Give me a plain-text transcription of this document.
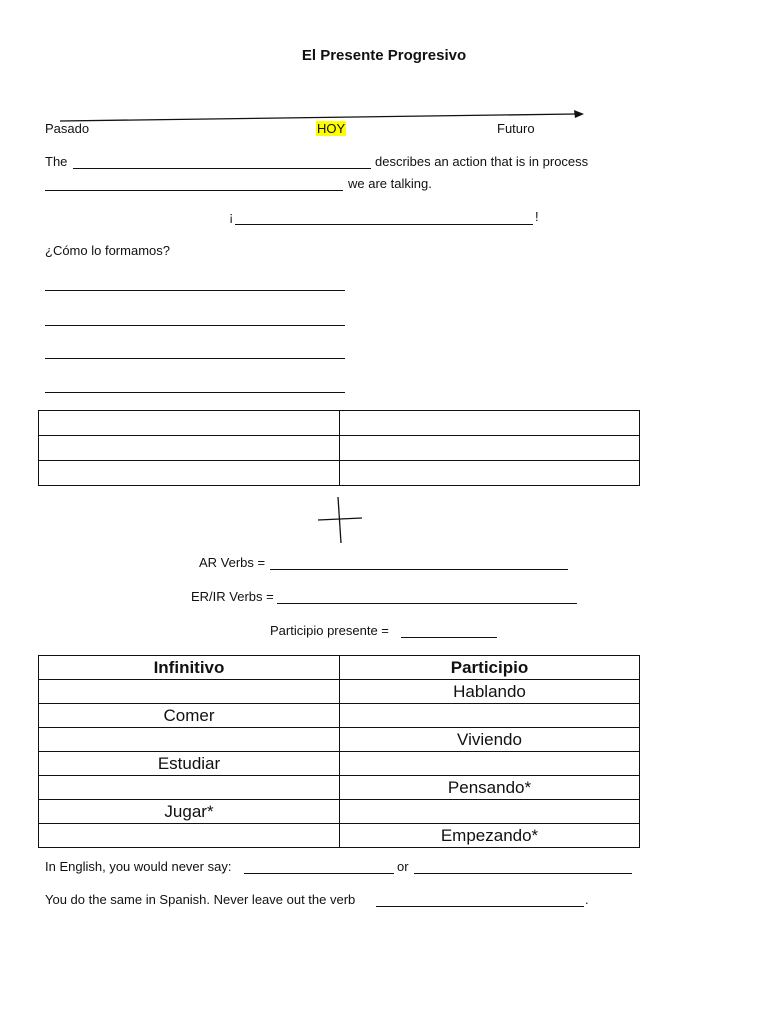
El Presente Progresivo
Pasado	HOY	Futuro
The	describes an action that is in process
we are talking.
¡	!
¿Cómo lo formamos?

AR Verbs =
ER/IR Verbs =
Participio presente =
Infinitivo	Participio
	Hablando
Comer	
	Viviendo
Estudiar	
	Pensando*
Jugar*	
	Empezando*
In English, you would never say:	or
You do the same in Spanish. Never leave out the verb	.
